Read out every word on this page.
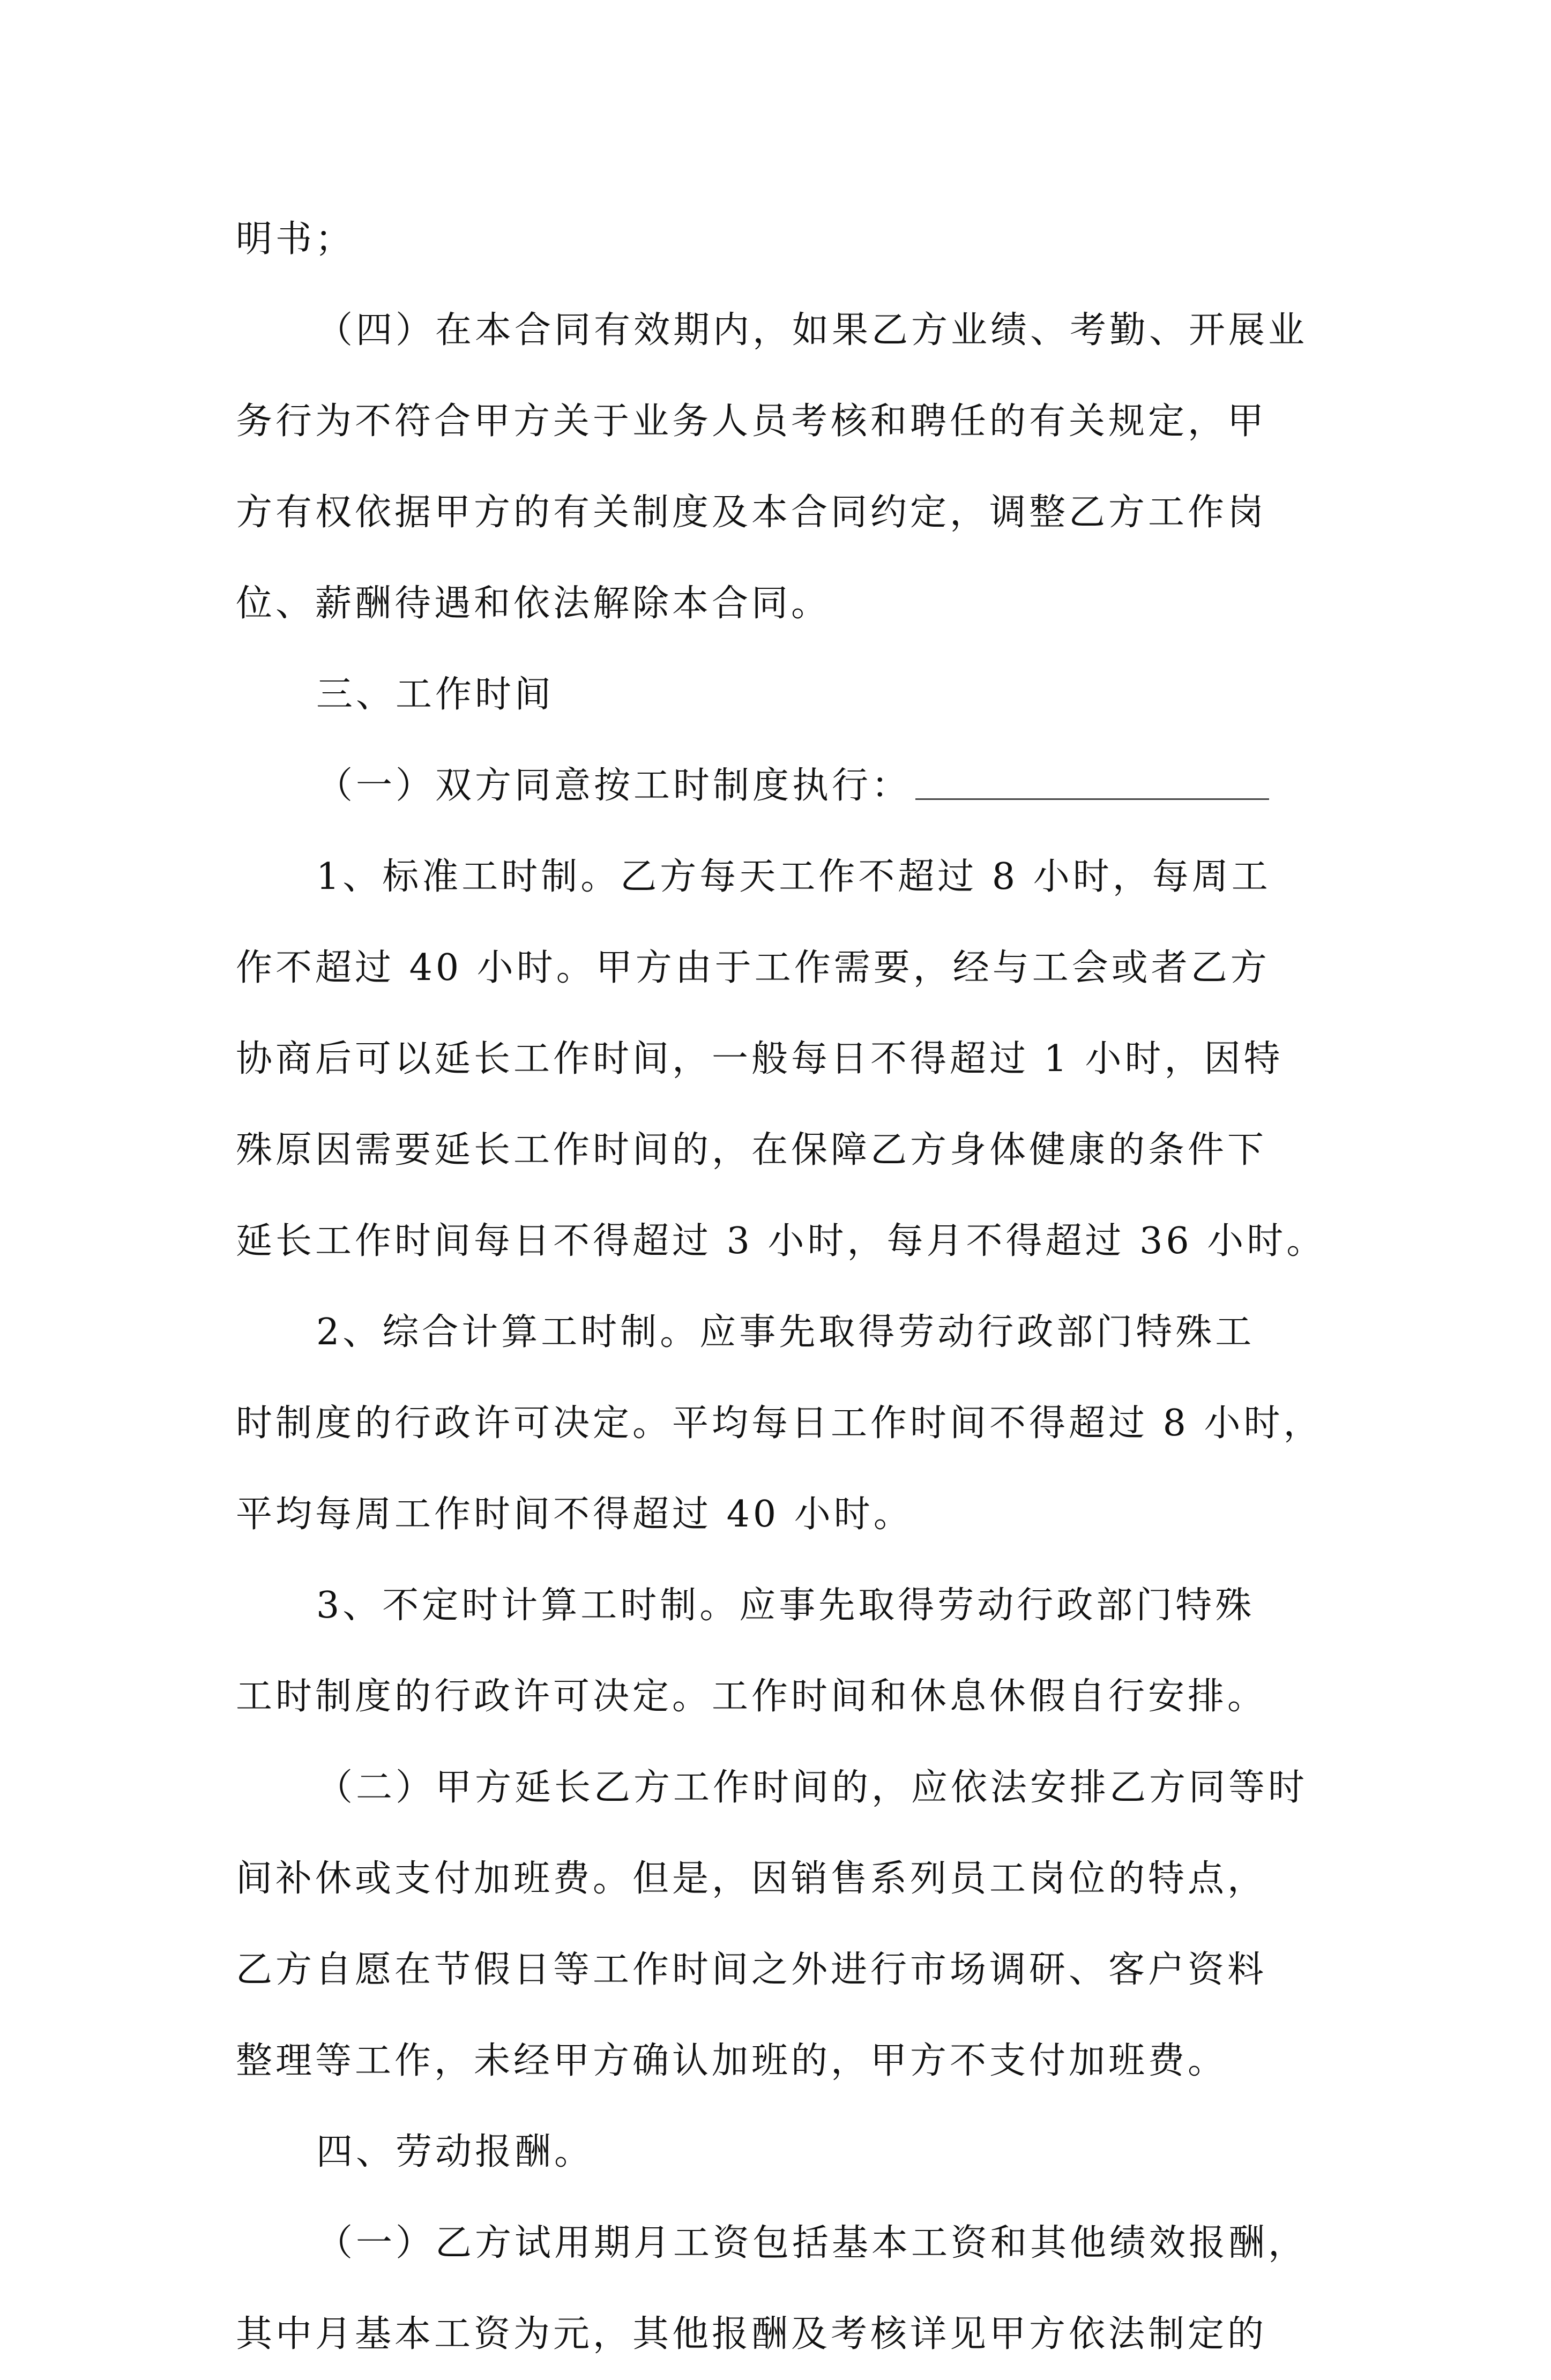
明书；

（四）在本合同有效期内，如果乙方业绩、考勤、开展业

务行为不符合甲方关于业务人员考核和聘任的有关规定，甲

方有权依据甲方的有关制度及本合同约定，调整乙方工作岗

位、薪酬待遇和依法解除本合同。

三、工作时间

（一）双方同意按工时制度执行：

1、标准工时制。乙方每天工作不超过 8 小时，每周工

作不超过 40 小时。甲方由于工作需要，经与工会或者乙方

协商后可以延长工作时间，一般每日不得超过 1 小时，因特

殊原因需要延长工作时间的，在保障乙方身体健康的条件下

延长工作时间每日不得超过 3 小时，每月不得超过 36 小时。

2、综合计算工时制。应事先取得劳动行政部门特殊工

时制度的行政许可决定。平均每日工作时间不得超过 8 小时，

平均每周工作时间不得超过 40 小时。

3、不定时计算工时制。应事先取得劳动行政部门特殊

工时制度的行政许可决定。工作时间和休息休假自行安排。

（二）甲方延长乙方工作时间的，应依法安排乙方同等时

间补休或支付加班费。但是，因销售系列员工岗位的特点，

乙方自愿在节假日等工作时间之外进行市场调研、客户资料

整理等工作，未经甲方确认加班的，甲方不支付加班费。

四、劳动报酬。

（一）乙方试用期月工资包括基本工资和其他绩效报酬，

其中月基本工资为元，其他报酬及考核详见甲方依法制定的
